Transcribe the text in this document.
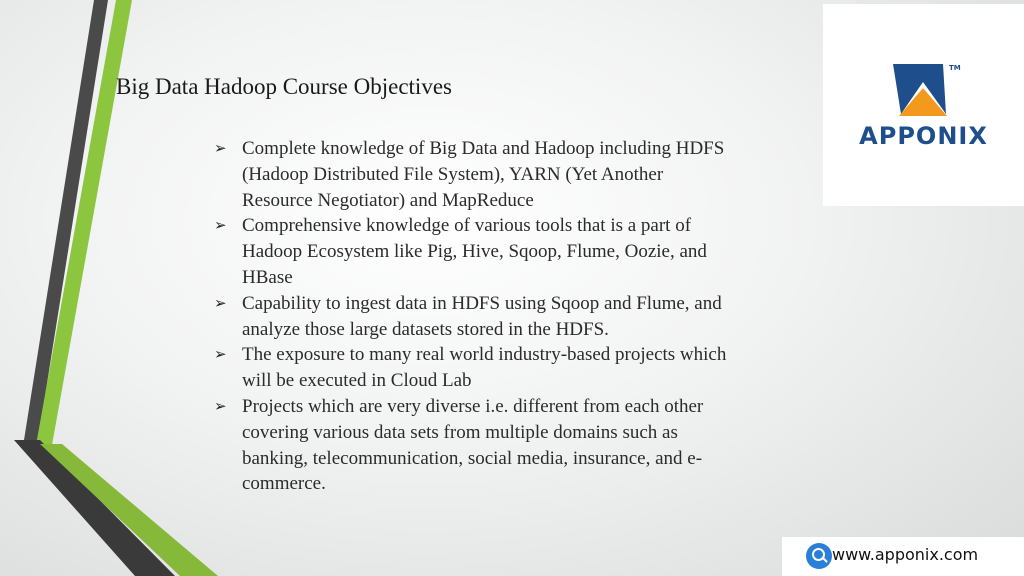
Big Data Hadoop Course Objectives
➢ Complete knowledge of Big Data and Hadoop including HDFS (Hadoop Distributed File System), YARN (Yet Another Resource Negotiator) and MapReduce
➢ Comprehensive knowledge of various tools that is a part of Hadoop Ecosystem like Pig, Hive, Sqoop, Flume, Oozie, and HBase
➢ Capability to ingest data in HDFS using Sqoop and Flume, and analyze those large datasets stored in the HDFS.
➢ The exposure to many real world industry-based projects which will be executed in Cloud Lab
➢ Projects which are very diverse i.e. different from each other covering various data sets from multiple domains such as banking, telecommunication, social media, insurance, and e-commerce.
TM
APPONIX
www.apponix.com
